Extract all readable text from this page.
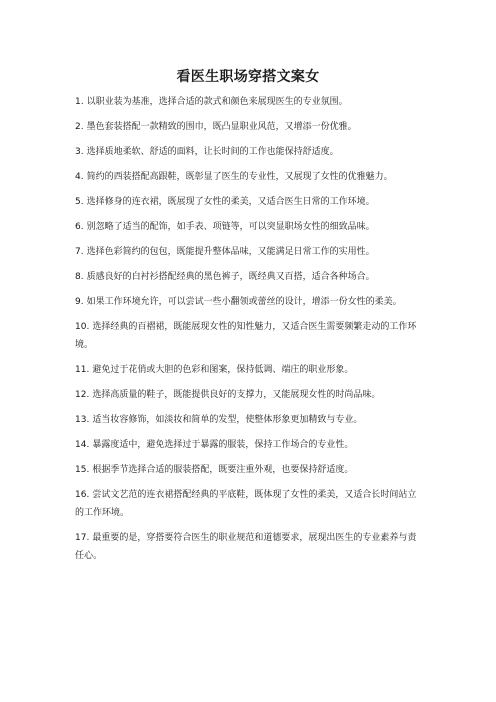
看医生职场穿搭文案女
1. 以职业装为基准，选择合适的款式和颜色来展现医生的专业氛围。
2. 墨色套装搭配一款精致的围巾，既凸显职业风范，又增添一份优雅。
3. 选择质地柔软、舒适的面料，让长时间的工作也能保持舒适度。
4. 简约的西装搭配高跟鞋，既彰显了医生的专业性，又展现了女性的优雅魅力。
5. 选择修身的连衣裙，既展现了女性的柔美，又适合医生日常的工作环境。
6. 别忽略了适当的配饰，如手表、项链等，可以突显职场女性的细致品味。
7. 选择色彩简约的包包，既能提升整体品味，又能满足日常工作的实用性。
8. 质感良好的白衬衫搭配经典的黑色裤子，既经典又百搭，适合各种场合。
9. 如果工作环境允许，可以尝试一些小翻领或蕾丝的设计，增添一份女性的柔美。
10. 选择经典的百褶裙，既能展现女性的知性魅力，又适合医生需要频繁走动的工作环境。
11. 避免过于花俏或大胆的色彩和图案，保持低调、端庄的职业形象。
12. 选择高质量的鞋子，既能提供良好的支撑力，又能展现女性的时尚品味。
13. 适当妆容修饰，如淡妆和简单的发型，使整体形象更加精致与专业。
14. 暴露度适中，避免选择过于暴露的服装，保持工作场合的专业性。
15. 根据季节选择合适的服装搭配，既要注重外观，也要保持舒适度。
16. 尝试文艺范的连衣裙搭配经典的平底鞋，既体现了女性的柔美，又适合长时间站立的工作环境。
17. 最重要的是，穿搭要符合医生的职业规范和道德要求，展现出医生的专业素养与责任心。
